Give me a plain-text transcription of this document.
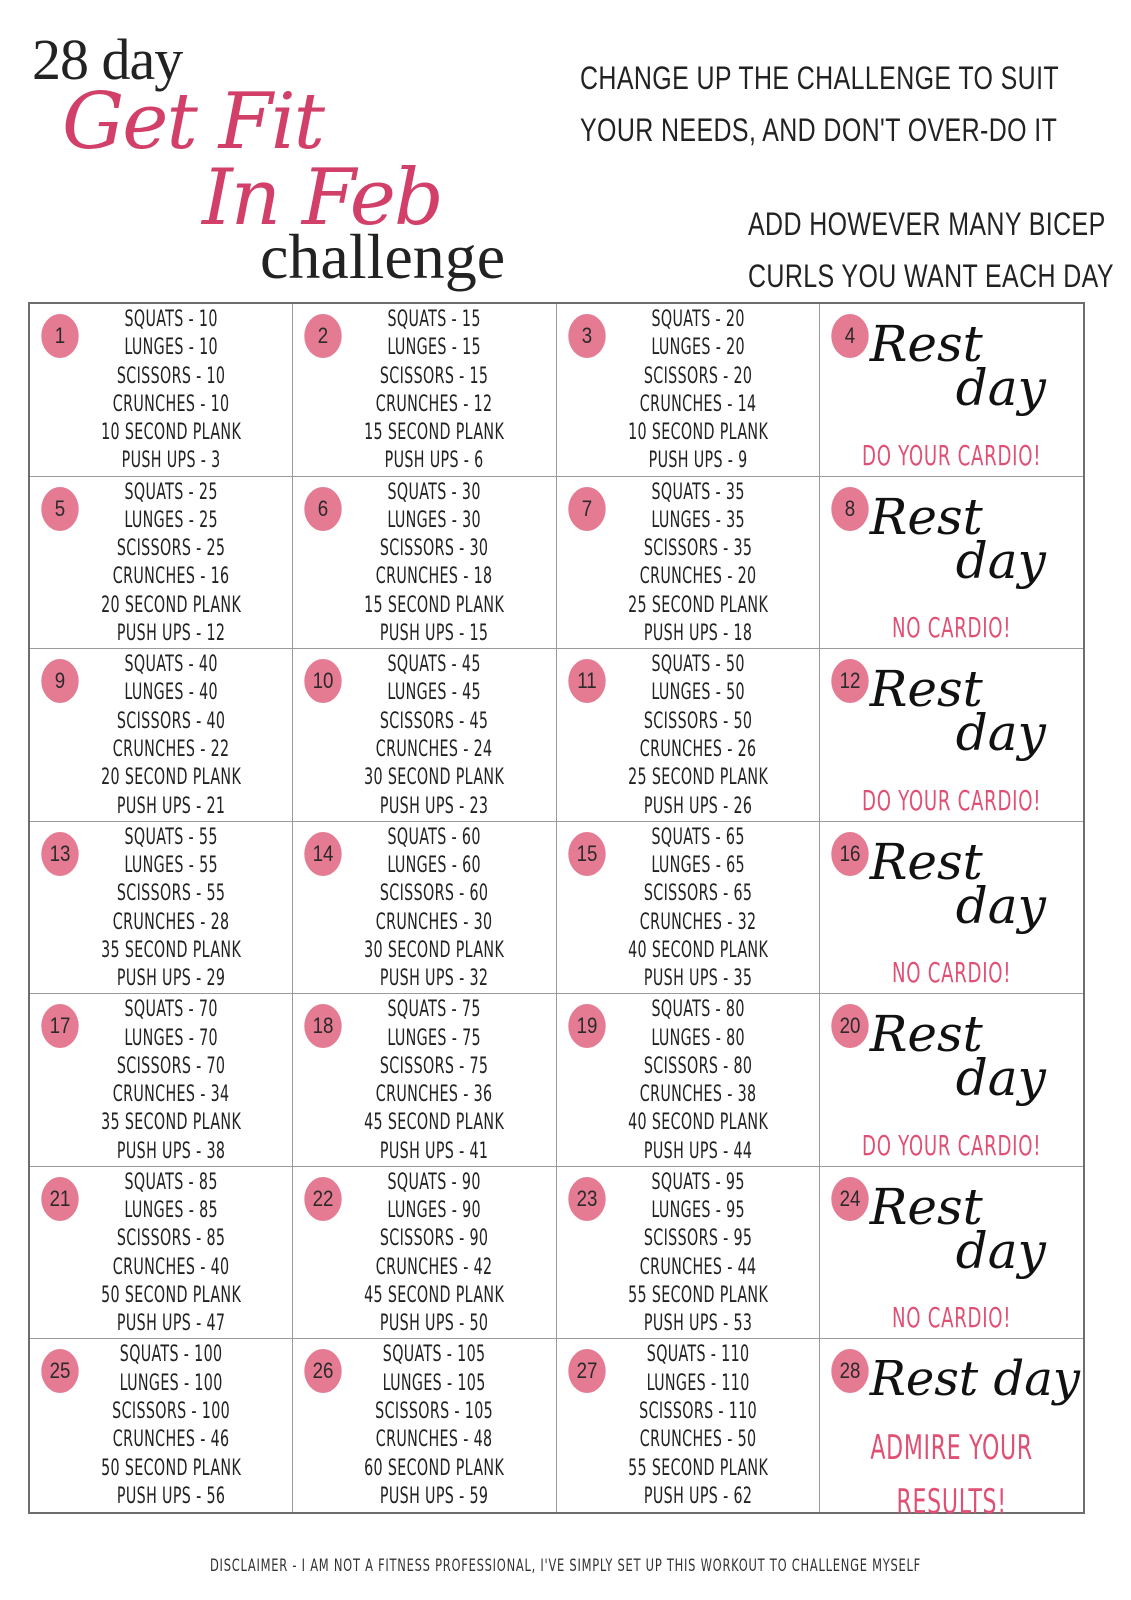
28 day
Get Fit
In Feb
challenge
CHANGE UP THE CHALLENGE TO SUIT
YOUR NEEDS, AND DON'T OVER-DO IT
ADD HOWEVER MANY BICEP
CURLS YOU WANT EACH DAY
1
SQUATS - 10
LUNGES - 10
SCISSORS - 10
CRUNCHES - 10
10 SECOND PLANK
PUSH UPS - 3
2
SQUATS - 15
LUNGES - 15
SCISSORS - 15
CRUNCHES - 12
15 SECOND PLANK
PUSH UPS - 6
3
SQUATS - 20
LUNGES - 20
SCISSORS - 20
CRUNCHES - 14
10 SECOND PLANK
PUSH UPS - 9
4 Rest
day
DO YOUR CARDIO!
5
SQUATS - 25
LUNGES - 25
SCISSORS - 25
CRUNCHES - 16
20 SECOND PLANK
PUSH UPS - 12
6
SQUATS - 30
LUNGES - 30
SCISSORS - 30
CRUNCHES - 18
15 SECOND PLANK
PUSH UPS - 15
7
SQUATS - 35
LUNGES - 35
SCISSORS - 35
CRUNCHES - 20
25 SECOND PLANK
PUSH UPS - 18
8 Rest
day
NO CARDIO!
9
SQUATS - 40
LUNGES - 40
SCISSORS - 40
CRUNCHES - 22
20 SECOND PLANK
PUSH UPS - 21
10
SQUATS - 45
LUNGES - 45
SCISSORS - 45
CRUNCHES - 24
30 SECOND PLANK
PUSH UPS - 23
11
SQUATS - 50
LUNGES - 50
SCISSORS - 50
CRUNCHES - 26
25 SECOND PLANK
PUSH UPS - 26
12 Rest
day
DO YOUR CARDIO!
13
SQUATS - 55
LUNGES - 55
SCISSORS - 55
CRUNCHES - 28
35 SECOND PLANK
PUSH UPS - 29
14
SQUATS - 60
LUNGES - 60
SCISSORS - 60
CRUNCHES - 30
30 SECOND PLANK
PUSH UPS - 32
15
SQUATS - 65
LUNGES - 65
SCISSORS - 65
CRUNCHES - 32
40 SECOND PLANK
PUSH UPS - 35
16 Rest
day
NO CARDIO!
17
SQUATS - 70
LUNGES - 70
SCISSORS - 70
CRUNCHES - 34
35 SECOND PLANK
PUSH UPS - 38
18
SQUATS - 75
LUNGES - 75
SCISSORS - 75
CRUNCHES - 36
45 SECOND PLANK
PUSH UPS - 41
19
SQUATS - 80
LUNGES - 80
SCISSORS - 80
CRUNCHES - 38
40 SECOND PLANK
PUSH UPS - 44
20 Rest
day
DO YOUR CARDIO!
21
SQUATS - 85
LUNGES - 85
SCISSORS - 85
CRUNCHES - 40
50 SECOND PLANK
PUSH UPS - 47
22
SQUATS - 90
LUNGES - 90
SCISSORS - 90
CRUNCHES - 42
45 SECOND PLANK
PUSH UPS - 50
23
SQUATS - 95
LUNGES - 95
SCISSORS - 95
CRUNCHES - 44
55 SECOND PLANK
PUSH UPS - 53
24 Rest
day
NO CARDIO!
25
SQUATS - 100
LUNGES - 100
SCISSORS - 100
CRUNCHES - 46
50 SECOND PLANK
PUSH UPS - 56
26
SQUATS - 105
LUNGES - 105
SCISSORS - 105
CRUNCHES - 48
60 SECOND PLANK
PUSH UPS - 59
27
SQUATS - 110
LUNGES - 110
SCISSORS - 110
CRUNCHES - 50
55 SECOND PLANK
PUSH UPS - 62
28 Rest day
ADMIRE YOUR
RESULTS!
DISCLAIMER - I AM NOT A FITNESS PROFESSIONAL, I'VE SIMPLY SET UP THIS WORKOUT TO CHALLENGE MYSELF
